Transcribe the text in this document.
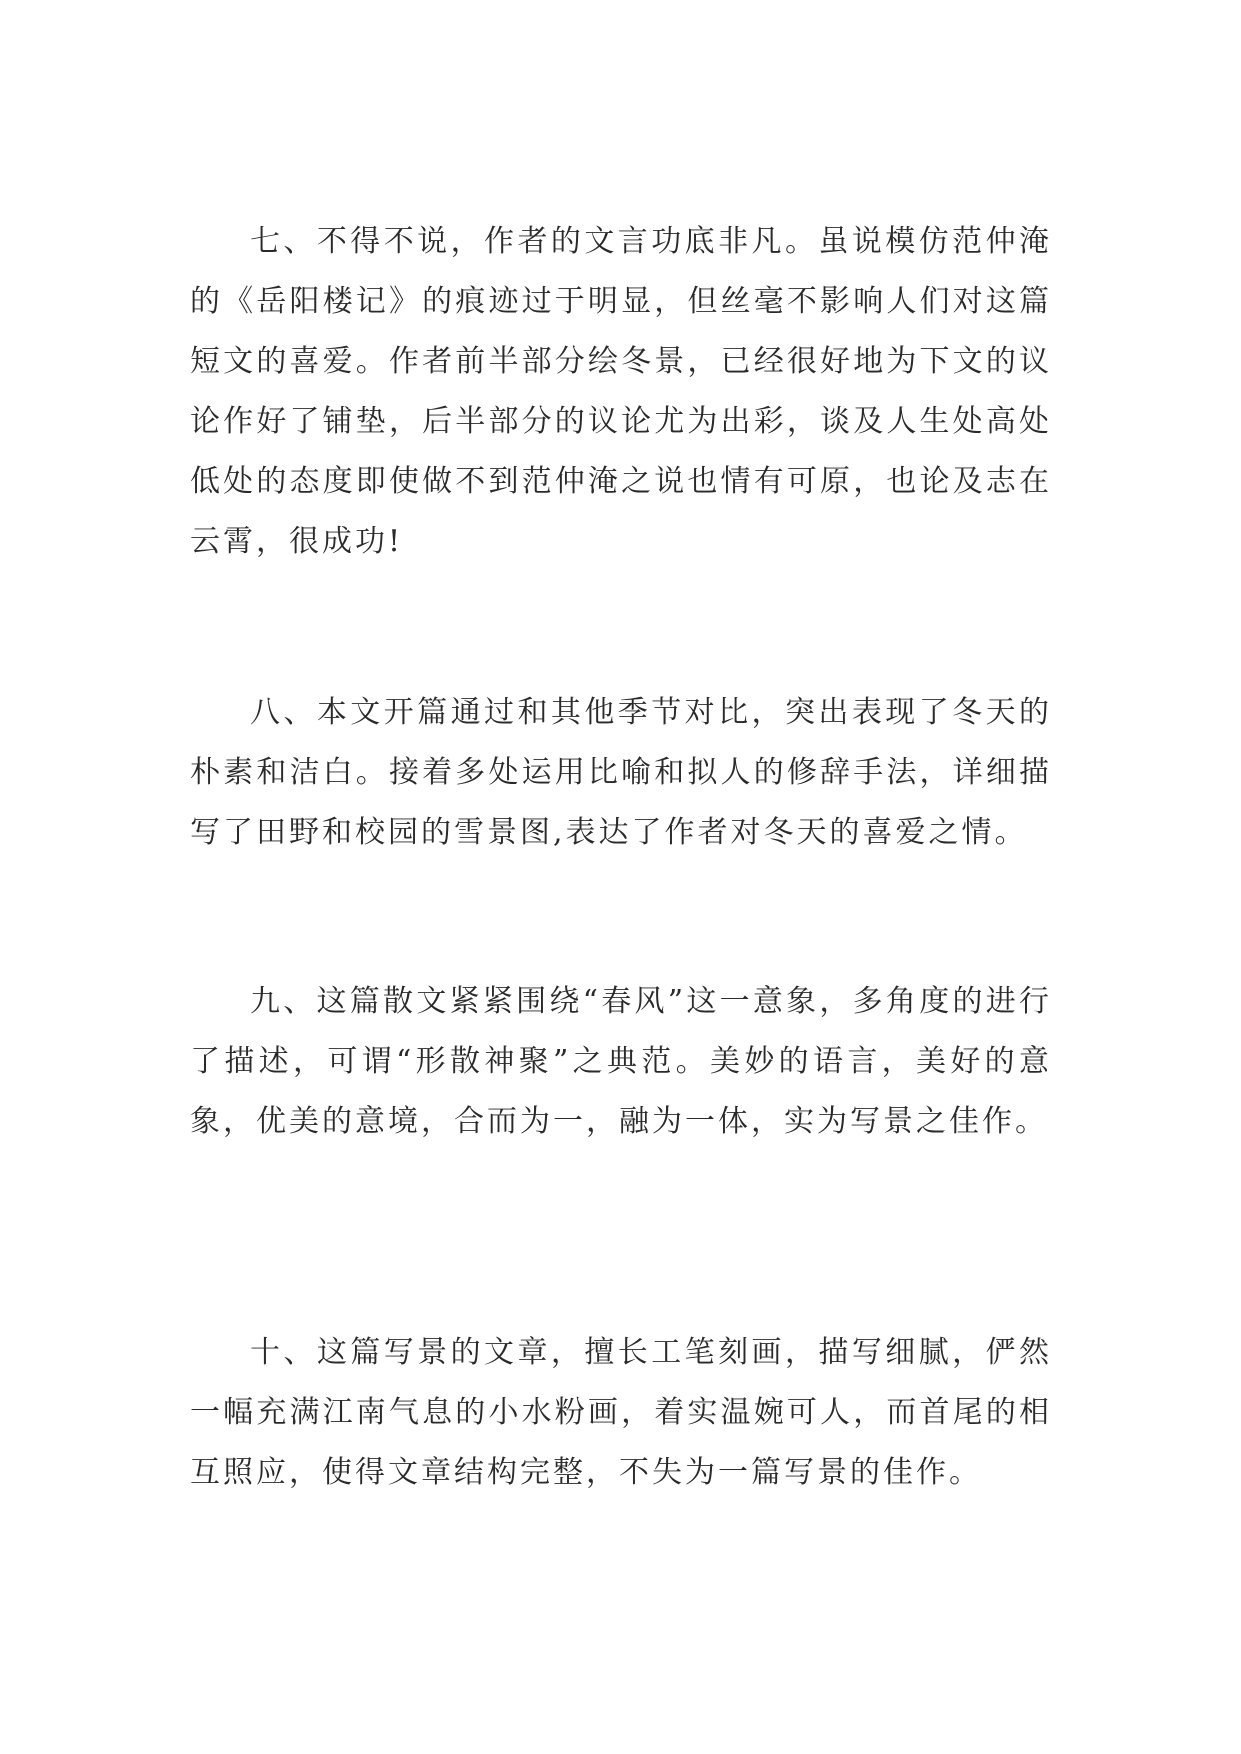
七、不得不说，作者的文言功底非凡。虽说模仿范仲淹的《岳阳楼记》的痕迹过于明显，但丝毫不影响人们对这篇短文的喜爱。作者前半部分绘冬景，已经很好地为下文的议论作好了铺垫，后半部分的议论尤为出彩，谈及人生处高处低处的态度即使做不到范仲淹之说也情有可原，也论及志在云霄，很成功!

八、本文开篇通过和其他季节对比，突出表现了冬天的朴素和洁白。接着多处运用比喻和拟人的修辞手法，详细描写了田野和校园的雪景图,表达了作者对冬天的喜爱之情。

九、这篇散文紧紧围绕“春风”这一意象，多角度的进行了描述，可谓“形散神聚”之典范。美妙的语言，美好的意象，优美的意境，合而为一，融为一体，实为写景之佳作。

十、这篇写景的文章，擅长工笔刻画，描写细腻，俨然一幅充满江南气息的小水粉画，着实温婉可人，而首尾的相互照应，使得文章结构完整，不失为一篇写景的佳作。
